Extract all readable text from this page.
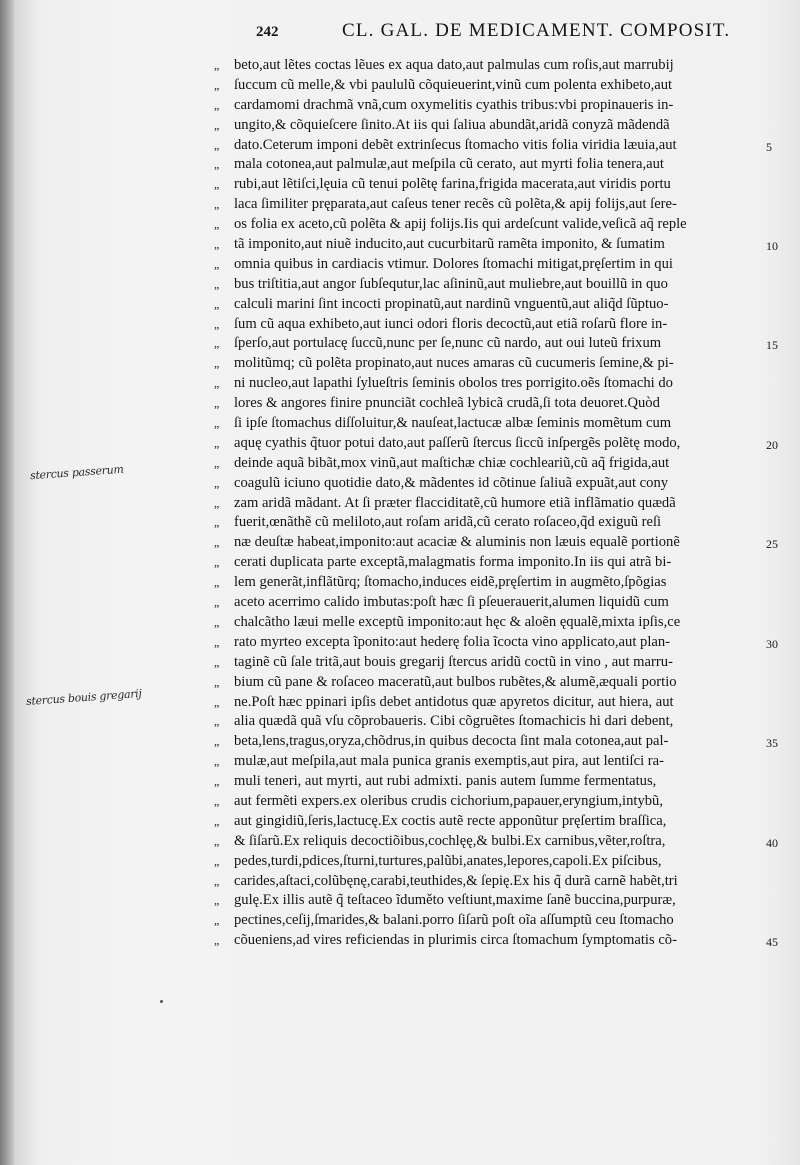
242	CL. GAL. DE MEDICAMENT. COMPOSIT.
stercus passerum
stercus bouis gregarij
„ beto,aut lẽtes coctas lẽues ex aqua dato,aut palmulas cum roſis,aut marrubij
„ ſuccum cũ melle,& vbi paululũ cõquieuerint,vinũ cum polenta exhibeto,aut
„ cardamomi drachmã vnã,cum oxymelitis cyathis tribus:vbi propinaueris in-
„ ungito,& cõquieſcere ſinito.At iis qui ſaliua abundãt,aridã conyzã mãdendã
„ dato.Ceterum imponi debẽt extrinſecus ſtomacho vitis folia viridia læuia,aut	5
„ mala cotonea,aut palmulæ,aut meſpila cũ cerato, aut myrti folia tenera,aut
„ rubi,aut lẽtiſci,lęuia cũ tenui polẽtę farina,frigida macerata,aut viridis portu
„ laca ſimiliter pręparata,aut caſeus tener recẽs cũ polẽta,& apij folijs,aut ſere-
„ os folia ex aceto,cũ polẽta & apij folijs.Iis qui ardeſcunt valide,veſicã aq̃ reple
„ tã imponito,aut niuẽ inducito,aut cucurbitarũ ramẽta imponito, & ſumatim	10
„ omnia quibus in cardiacis vtimur. Dolores ſtomachi mitigat,pręſertim in qui
„ bus triſtitia,aut angor ſubſequtur,lac aſininũ,aut muliebre,aut bouillũ in quo
„ calculi marini ſint incocti propinatũ,aut nardinũ vnguentũ,aut aliq̃d ſũptuo-
„ ſum cũ aqua exhibeto,aut iunci odori floris decoctũ,aut etiã roſarũ flore in-
„ ſperſo,aut portulacę ſuccũ,nunc per ſe,nunc cũ nardo, aut oui luteũ frixum	15
„ molitũmq; cũ polẽta propinato,aut nuces amaras cũ cucumeris ſemine,& pi-
„ ni nucleo,aut lapathi ſylueſtris ſeminis obolos tres porrigito.oẽs ſtomachi do
„ lores & angores finire pnunciãt cochleã lybicã crudã,ſi tota deuoret.Quòd
„ ſi ipſe ſtomachus diſſoluitur,& nauſeat,lactucæ albæ ſeminis momẽtum cum
„ aquę cyathis q̃tuor potui dato,aut paſſerũ ſtercus ſiccũ inſpergẽs polẽtę modo,	20
„ deinde aquã bibãt,mox vinũ,aut maſtichæ chiæ cochleariũ,cũ aq̃ frigida,aut
„ coagulũ iciuno quotidie dato,& mãdentes id cõtinue ſaliuã expuãt,aut cony
„ zam aridã mãdant. At ſi præter flacciditatẽ,cũ humore etiã inflãmatio quædã
„ fuerit,œnãthẽ cũ meliloto,aut roſam aridã,cũ cerato roſaceo,q̃d exiguũ reſi
„ næ deuſtæ habeat,imponito:aut acaciæ & aluminis non læuis equalẽ portionẽ	25
„ cerati duplicata parte exceptã,malagmatis forma imponito.In iis qui atrã bi-
„ lem generãt,inflãtũrq; ſtomacho,induces eidẽ,pręſertim in augmẽto,ſpõgias
„ aceto acerrimo calido imbutas:poſt hæc ſi pſeuerauerit,alumen liquidũ cum
„ chalcãtho læui melle exceptũ imponito:aut hęc & aloẽn ęqualẽ,mixta ipſis,ce
„ rato myrteo excepta ĩponito:aut hederę folia ĩcocta vino applicato,aut plan-	30
„ taginẽ cũ ſale tritã,aut bouis gregarij ſtercus aridũ coctũ in vino , aut marru-
„ bium cũ pane & roſaceo maceratũ,aut bulbos rubẽtes,& alumẽ,æquali portio
„ ne.Poſt hæc ppinari ipſis debet antidotus quæ apyretos dicitur, aut hiera, aut
„ alia quædã quã vſu cõprobaueris. Cibi cõgruẽtes ſtomachicis hi dari debent,
„ beta,lens,tragus,oryza,chõdrus,in quibus decocta ſint mala cotonea,aut pal-	35
„ mulæ,aut meſpila,aut mala punica granis exemptis,aut pira, aut lentiſci ra-
„ muli teneri, aut myrti, aut rubi admixti. panis autem ſumme fermentatus,
„ aut fermẽti expers.ex oleribus crudis cichorium,papauer,eryngium,intybũ,
„ aut gingidiũ,ſeris,lactucę.Ex coctis autẽ recte apponũtur pręſertim braſſica,
„ & ſiſarũ.Ex reliquis decoctiõibus,cochlęę,& bulbi.Ex carnibus,vẽter,roſtra,	40
„ pedes,turdi,pdices,ſturni,turtures,palũbi,anates,lepores,capoli.Ex piſcibus,
„ carides,aſtaci,colũbęnę,carabi,teuthides,& ſepię.Ex his q̃ durã carnẽ habẽt,tri
„ gulę.Ex illis autẽ q̃ teſtaceo ĩduměto veſtiunt,maxime ſanẽ buccina,purpuræ,
„ pectines,ceſij,ſmarides,& balani.porro ſiſarũ poſt oĩa aſſumptũ ceu ſtomacho
„ cõueniens,ad vires reficiendas in plurimis circa ſtomachum ſymptomatis cõ-	45
